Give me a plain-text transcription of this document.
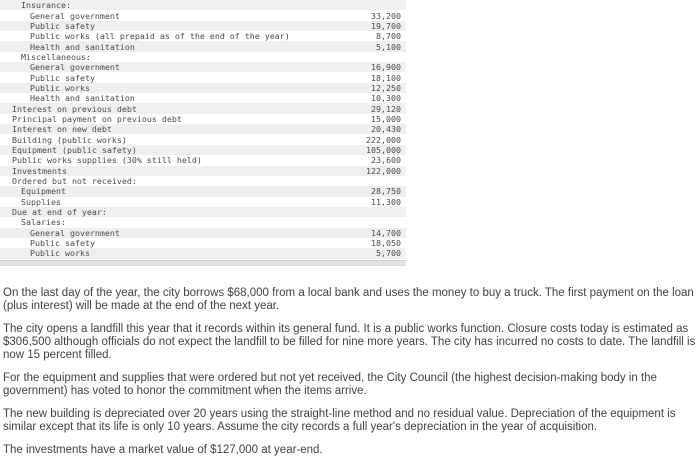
Insurance:
General government	33,200
Public safety	19,700
Public works (all prepaid as of the end of the year)	8,700
Health and sanitation	5,100
Miscellaneous:
General government	16,900
Public safety	18,100
Public works	12,250
Health and sanitation	10,300
Interest on previous debt	29,120
Principal payment on previous debt	15,000
Interest on new debt	20,430
Building (public works)	222,000
Equipment (public safety)	105,000
Public works supplies (30% still held)	23,600
Investments	122,000
Ordered but not received:
Equipment	28,750
Supplies	11,300
Due at end of year:
Salaries:
General government	14,700
Public safety	18,050
Public works	5,700

On the last day of the year, the city borrows $68,000 from a local bank and uses the money to buy a truck. The first payment on the loan (plus interest) will be made at the end of the next year.

The city opens a landfill this year that it records within its general fund. It is a public works function. Closure costs today is estimated as $306,500 although officials do not expect the landfill to be filled for nine more years. The city has incurred no costs to date. The landfill is now 15 percent filled.

For the equipment and supplies that were ordered but not yet received, the City Council (the highest decision-making body in the government) has voted to honor the commitment when the items arrive.

The new building is depreciated over 20 years using the straight-line method and no residual value. Depreciation of the equipment is similar except that its life is only 10 years. Assume the city records a full year's depreciation in the year of acquisition.

The investments have a market value of $127,000 at year-end.
